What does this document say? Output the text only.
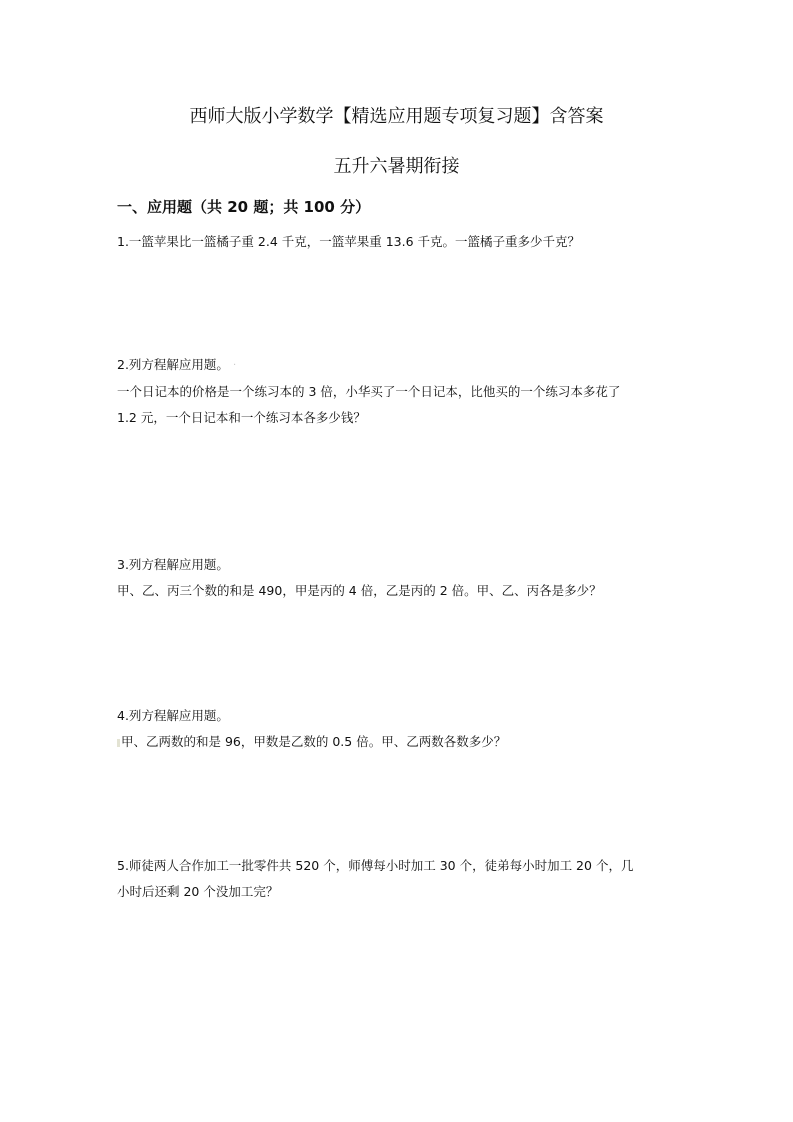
西师大版小学数学【精选应用题专项复习题】含答案
五升六暑期衔接
一、应用题（共 20 题；共 100 分）
1.一篮苹果比一篮橘子重 2.4 千克，一篮苹果重 13.6 千克。一篮橘子重多少千克？
2.列方程解应用题。 ·
一个日记本的价格是一个练习本的 3 倍，小华买了一个日记本，比他买的一个练习本多花了
1.2 元，一个日记本和一个练习本各多少钱？
3.列方程解应用题。
甲、乙、丙三个数的和是 490，甲是丙的 4 倍，乙是丙的 2 倍。甲、乙、丙各是多少？
4.列方程解应用题。
甲、乙两数的和是 96，甲数是乙数的 0.5 倍。甲、乙两数各数多少？
5.师徒两人合作加工一批零件共 520 个，师傅每小时加工 30 个，徒弟每小时加工 20 个，几
小时后还剩 20 个没加工完？
